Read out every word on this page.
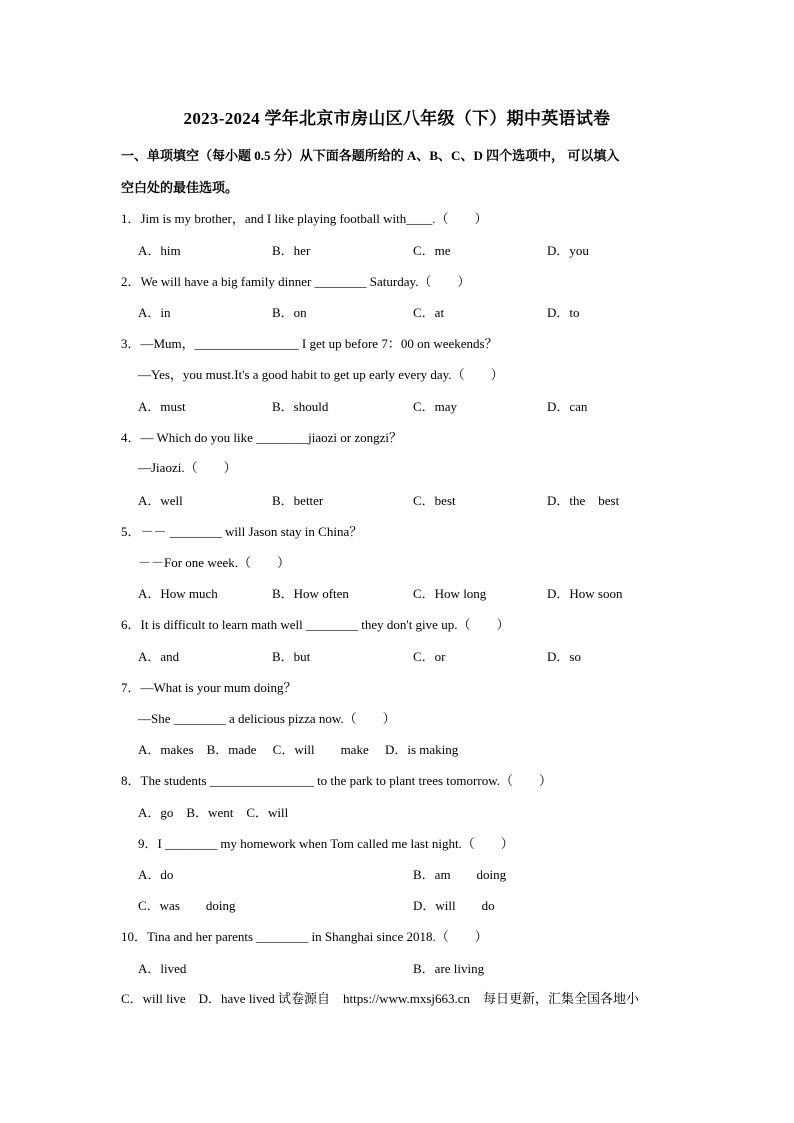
2023-2024 学年北京市房山区八年级（下）期中英语试卷
一、单项填空（每小题 0.5 分）从下面各题所给的 A、B、C、D 四个选项中， 可以填入
空白处的最佳选项。
1．Jim is my brother，and I like playing football with____.（　　）
A．him	B．her	C．me	D．you
2．We will have a big family dinner ________ Saturday.（　　）
A．in	B．on	C．at	D．to
3．—Mum，________________ I get up before 7：00 on weekends？
—Yes，you must.It's a good habit to get up early every day.（　　）
A．must	B．should	C．may	D．can
4．— Which do you like ________jiaozi or zongzi？
—Jiaozi.（　　）
A．well	B．better	C．best	D．the　best
5．－－ ________ will Jason stay in China？
－－For one week.（　　）
A．How much	B．How often	C．How long	D．How soon
6．It is difficult to learn math well ________ they don't give up.（　　）
A．and	B．but	C．or	D．so
7．—What is your mum doing？
—She ________ a delicious pizza now.（　　）
A．makes　B．made　 C．will　　make　 D．is making
8．The students ________________ to the park to plant trees tomorrow.（　　）
A．go　B．went　C．will
9．I ________ my homework when Tom called me last night.（　　）
A．do	B．am　　doing
C．was　　doing	D．will　　do
10．Tina and her parents ________ in Shanghai since 2018.（　　）
A．lived	B．are living
C．will live　D．have lived 试卷源自　https://www.mxsj663.cn　每日更新，汇集全国各地小
